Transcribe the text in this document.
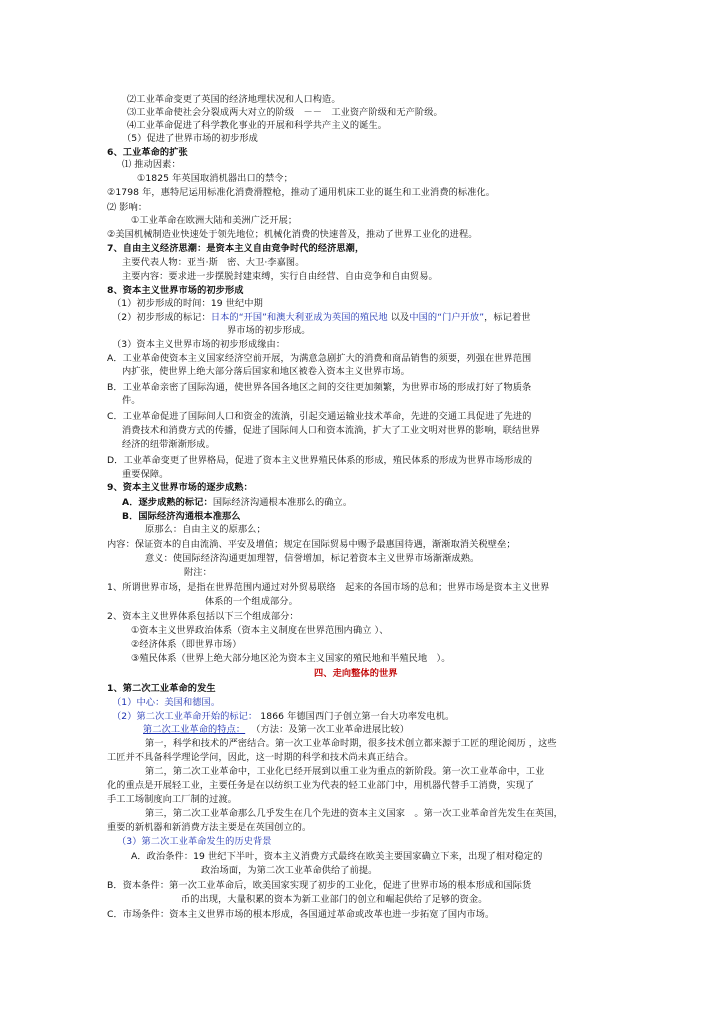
⑵工业革命变更了英国的经济地理状况和人口构造。
⑶工业革命使社会分裂成两大对立的阶级　－－　工业资产阶级和无产阶级。
⑷工业革命促进了科学教化事业的开展和科学共产主义的诞生。
（5）促进了世界市场的初步形成
6、工业革命的扩张
⑴ 推动因素：
①1825 年英国取消机器出口的禁令；
②1798 年，惠特尼运用标准化消费滑膛枪，推动了通用机床工业的诞生和工业消费的标准化。
⑵ 影响：
①工业革命在欧洲大陆和美洲广泛开展；
②美国机械制造业快速处于领先地位；机械化消费的快速普及，推动了世界工业化的进程。
7、自由主义经济思潮：是资本主义自由竞争时代的经济思潮，
主要代表人物：亚当·斯　密、大卫·李嘉图。
主要内容：要求进一步摆脱封建束缚，实行自由经营、自由竞争和自由贸易。
8、资本主义世界市场的初步形成
（1）初步形成的时间：19 世纪中期
（2）初步形成的标记：日本的“开国”和澳大利亚成为英国的殖民地 以及中国的“门户开放”，标记着世
界市场的初步形成。
（3）资本主义世界市场的初步形成缘由：
A．工业革命使资本主义国家经济空前开展，为满意急剧扩大的消费和商品销售的须要，列强在世界范围
内扩张，使世界上绝大部分落后国家和地区被卷入资本主义世界市场。
B．工业革命亲密了国际沟通，使世界各国各地区之间的交往更加频繁，为世界市场的形成打好了物质条
件。
C．工业革命促进了国际间人口和资金的流淌，引起交通运输业技术革命，先进的交通工具促进了先进的
消费技术和消费方式的传播，促进了国际间人口和资本流淌，扩大了工业文明对世界的影响，联结世界
经济的纽带渐渐形成。
D．工业革命变更了世界格局，促进了资本主义世界殖民体系的形成，殖民体系的形成为世界市场形成的
重要保障。
9、资本主义世界市场的逐步成熟：
A．逐步成熟的标记：国际经济沟通根本准那么的确立。
B．国际经济沟通根本准那么
原那么：自由主义的原那么；
内容：保证资本的自由流淌、平安及增值；规定在国际贸易中赐予最惠国待遇，渐渐取消关税壁垒；
意义：使国际经济沟通更加理智，信誉增加，标记着资本主义世界市场渐渐成熟。
附注：
1、所谓世界市场，是指在世界范围内通过对外贸易联络　起来的各国市场的总和；世界市场是资本主义世界
体系的一个组成部分。
2、资本主义世界体系包括以下三个组成部分：
①资本主义世界政治体系（资本主义制度在世界范围内确立 ）、
②经济体系（即世界市场）
③殖民体系（世界上绝大部分地区沦为资本主义国家的殖民地和半殖民地　）。
四、走向整体的世界
1、第二次工业革命的发生
（1）中心：美国和德国。
（2）第二次工业革命开始的标记： 1866 年德国西门子创立第一台大功率发电机。
第二次工业革命的特点： （方法：及第一次工业革命进展比较）
第一，科学和技术的严密结合。第一次工业革命时期，很多技术创立都来源于工匠的理论阅历 ，这些
工匠并不具备科学理论学问，因此，这一时期的科学和技术尚未真正结合。
第二，第二次工业革命中，工业化已经开展到以重工业为重点的新阶段。第一次工业革命中，工业
化的重点是开展轻工业，主要任务是在以纺织工业为代表的轻工业部门中，用机器代替手工消费，实现了
手工工场制度向工厂制的过渡。
第三，第二次工业革命那么几乎发生在几个先进的资本主义国家　。第一次工业革命首先发生在英国，
重要的新机器和新消费方法主要是在英国创立的。
（3）第二次工业革命发生的历史背景
A．政治条件：19 世纪下半叶，资本主义消费方式最终在欧美主要国家确立下来，出现了相对稳定的
政治场面，为第二次工业革命供给了前提。
B．资本条件：第一次工业革命后，欧美国家实现了初步的工业化，促进了世界市场的根本形成和国际货
币的出现，大量积累的资本为新工业部门的创立和崛起供给了足够的资金。
C．市场条件：资本主义世界市场的根本形成，各国通过革命或改革也进一步拓宽了国内市场。
